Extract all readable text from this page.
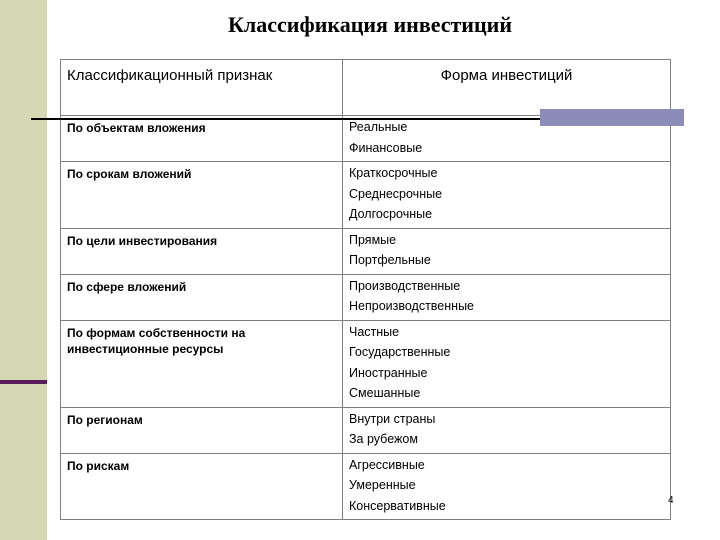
Классификация инвестиций
Классификационный признак	Форма инвестиций
По объектам вложения	Реальные
Финансовые

По срокам вложений	Краткосрочные
Среднесрочные
Долгосрочные

По цели инвестирования	Прямые
Портфельные

По сфере вложений	Производственные
Непроизводственные

По формам собственности на инвестиционные ресурсы	Частные
Государственные
Иностранные
Смешанные

По регионам	Внутри страны
За рубежом

По рискам	Агрессивные
Умеренные
Консервативные	4
